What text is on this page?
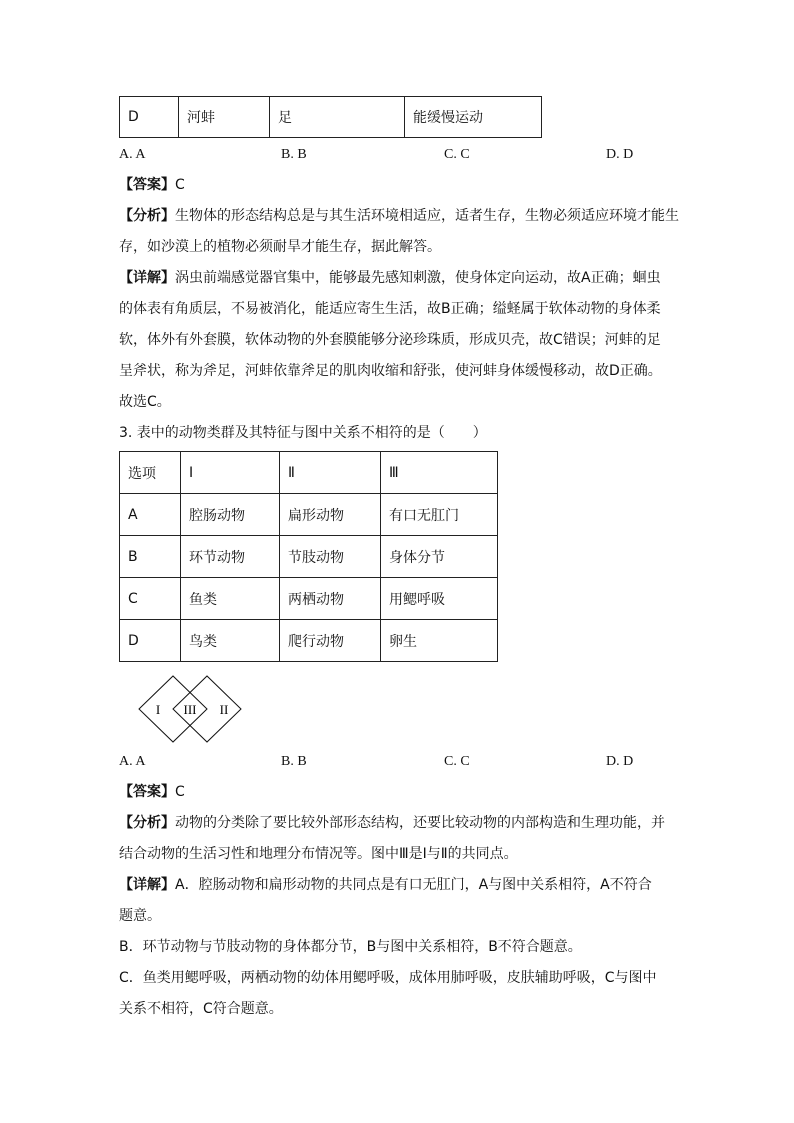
D	河蚌	足	能缓慢运动
A. A	B. B	C. C	D. D
【答案】C
【分析】生物体的形态结构总是与其生活环境相适应，适者生存，生物必须适应环境才能生
存，如沙漠上的植物必须耐旱才能生存，据此解答。
【详解】涡虫前端感觉器官集中，能够最先感知刺激，使身体定向运动，故A正确；蛔虫
的体表有角质层，不易被消化，能适应寄生生活，故B正确；缢蛏属于软体动物的身体柔
软，体外有外套膜，软体动物的外套膜能够分泌珍珠质，形成贝壳，故C错误；河蚌的足
呈斧状，称为斧足，河蚌依靠斧足的肌肉收缩和舒张，使河蚌身体缓慢移动，故D正确。
故选C。
3. 表中的动物类群及其特征与图中关系不相符的是（　　）
选项	Ⅰ	Ⅱ	Ⅲ
A	腔肠动物	扁形动物	有口无肛门
B	环节动物	节肢动物	身体分节
C	鱼类	两栖动物	用鳃呼吸
D	鸟类	爬行动物	卵生
I III II
A. A	B. B	C. C	D. D
【答案】C
【分析】动物的分类除了要比较外部形态结构，还要比较动物的内部构造和生理功能，并
结合动物的生活习性和地理分布情况等。图中Ⅲ是Ⅰ与Ⅱ的共同点。
【详解】A．腔肠动物和扁形动物的共同点是有口无肛门，A与图中关系相符，A不符合
题意。
B．环节动物与节肢动物的身体都分节，B与图中关系相符，B不符合题意。
C．鱼类用鳃呼吸，两栖动物的幼体用鳃呼吸，成体用肺呼吸，皮肤辅助呼吸，C与图中
关系不相符，C符合题意。
